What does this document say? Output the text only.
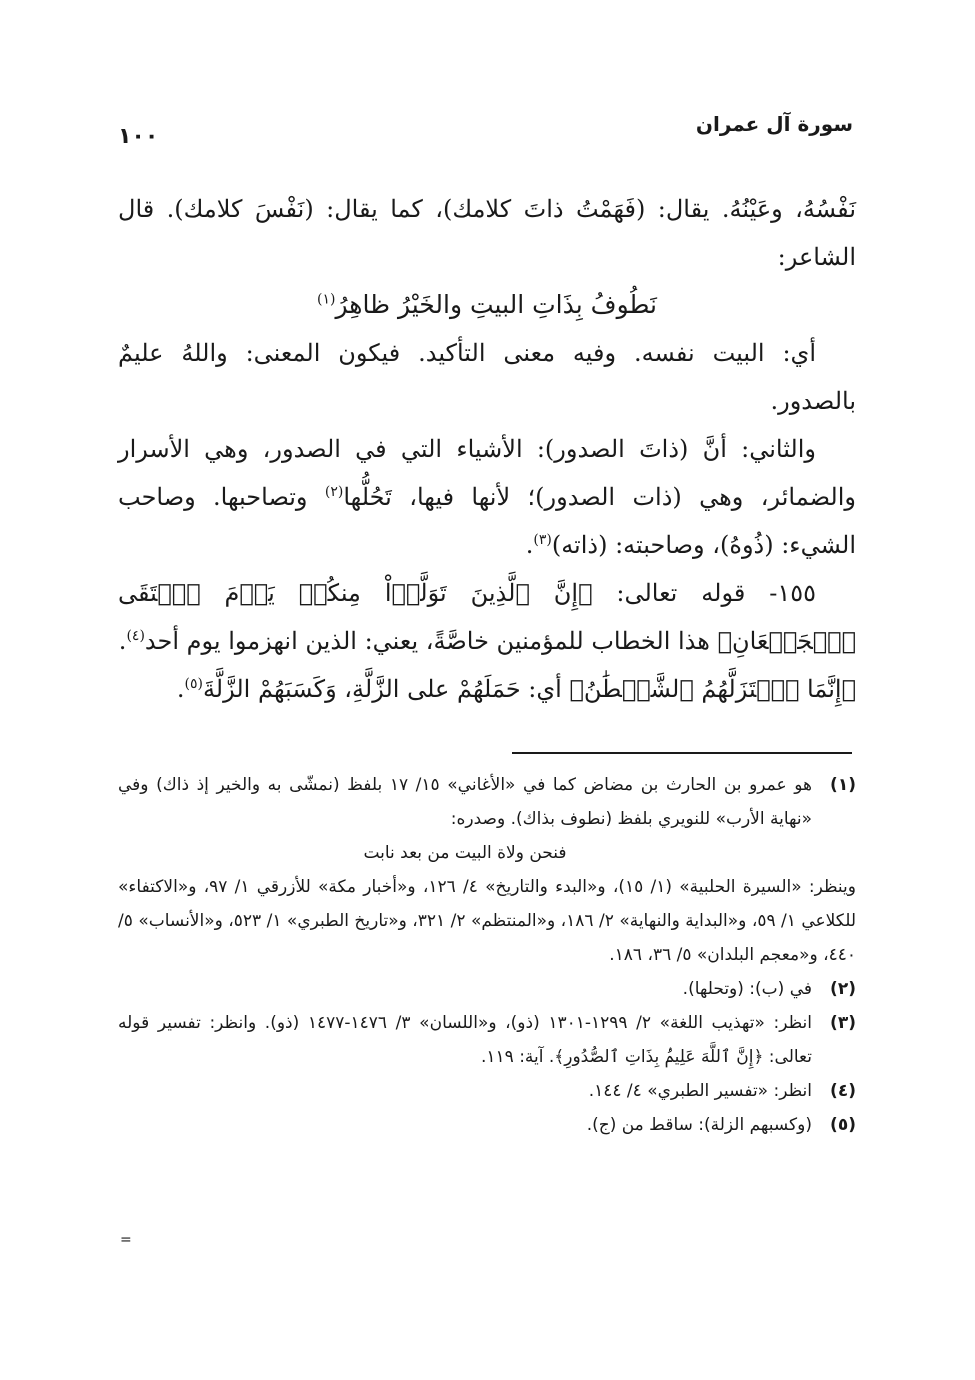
سورة آل عمران
١٠٠

نَفْسُهُ، وعَيْنُهُ. يقال: (فَهَمْتُ ذاتَ كلامك)، كما يقال: (نَفْسَ كلامك). قال الشاعر:

نَطُوفُ بِذَاتِ البيتِ والخَيْرُ ظاهِرُ$^{(١)}$

أي: البيت نفسه. وفيه معنى التأكيد. فيكون المعنى: واللهُ عليمٌ بالصدور.

والثاني: أنَّ (ذاتَ الصدور): الأشياء التي في الصدور، وهي الأسرار والضمائر، وهي (ذات الصدور)؛ لأنها فيها، تَحُلُّها$^{(٢)}$ وتصاحبها. وصاحب الشيء: (ذُوهُ)، وصاحبته: (ذاته)$^{(٣)}$.

١٥٥- قوله تعالى: ﴿إِنَّ ٱلَّذِينَ تَوَلَّوۡاْ مِنكُمۡ يَوۡمَ ٱلۡتَقَى ٱلۡجَمۡعَانِ﴾ هذا الخطاب للمؤمنين خاصَّةً، يعني: الذين انهزموا يوم أحد$^{(٤)}$.

﴿إِنَّمَا ٱسۡتَزَلَّهُمُ ٱلشَّيۡطَٰنُ﴾ أي: حَمَلَهُمْ على الزَّلَّةِ، وَكَسَبَهُمْ الزَّلَّةَ$^{(٥)}$.

(١)
هو عمرو بن الحارث بن مضاض كما في «الأغاني» ١٥/ ١٧ بلفظ (نمشّى به والخير إذ ذاك) وفي «نهاية الأرب» للنويري بلفظ (نطوف بذاك). وصدره:
فنحن ولاة البيت من بعد نابت

وينظر: «السيرة الحلبية» (١/ ١٥)، و«البدء والتاريخ» ٤/ ١٢٦، و«أخبار مكة» للأزرقي ١/ ٩٧، و«الاكتفاء» للكلاعي ١/ ٥٩، و«البداية والنهاية» ٢/ ١٨٦، و«المنتظم» ٢/ ٣٢١، و«تاريخ الطبري» ١/ ٥٢٣، و«الأنساب» ٥/ ٤٤٠، و«معجم البلدان» ٥/ ٣٦، ١٨٦.

(٢)
في (ب): (وتحلها).
(٣)
انظر: «تهذيب اللغة» ٢/ ١٢٩٩-١٣٠١ (ذو)، و«اللسان» ٣/ ١٤٧٦-١٤٧٧ (ذو). وانظر: تفسير قوله تعالى: ﴿إِنَّ ٱللَّهَ عَلِيمُۢ بِذَاتِ ٱلصُّدُورِ﴾. آية: ١١٩.
(٤)
انظر: «تفسير الطبري» ٤/ ١٤٤.
(٥)
(وكسبهم الزلة): ساقط من (ج).
=
